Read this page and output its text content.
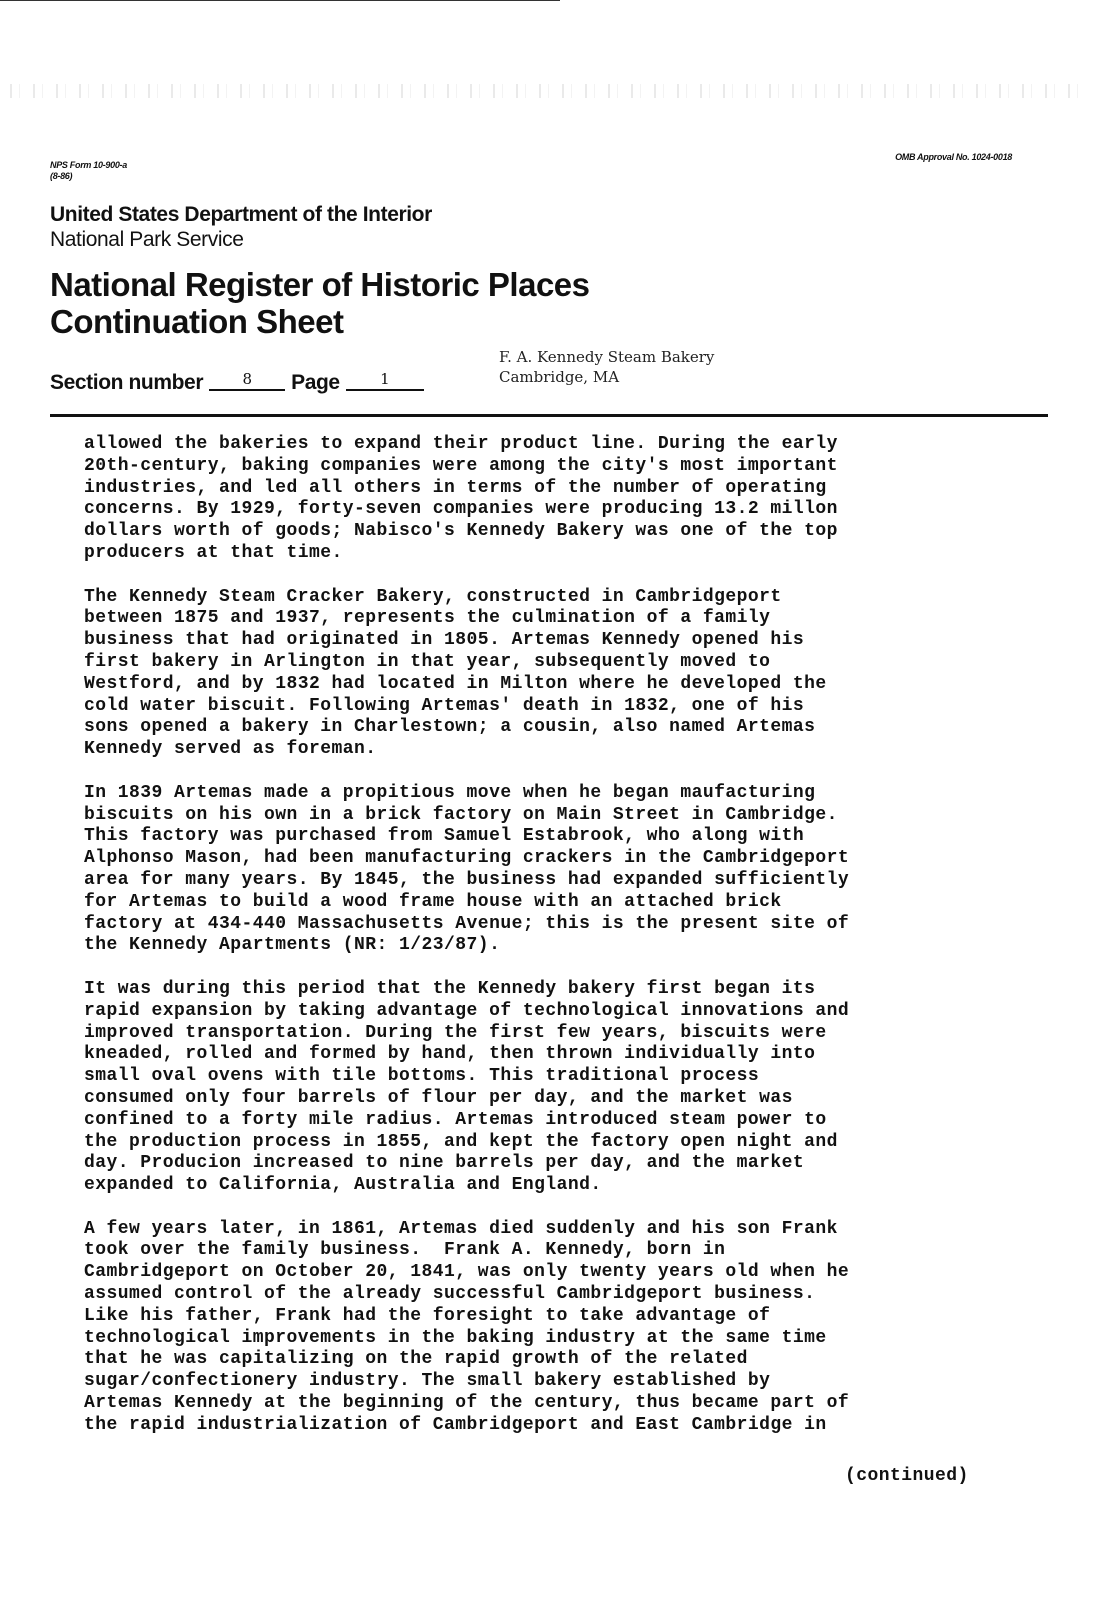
NPS Form 10-900-a
(8-86)
OMB Approval No. 1024-0018
United States Department of the Interior
National Park Service
National Register of Historic Places
Continuation Sheet
Section number	8	Page	1
F. A. Kennedy Steam Bakery
Cambridge, MA
allowed the bakeries to expand their product line. During the early
20th-century, baking companies were among the city's most important
industries, and led all others in terms of the number of operating
concerns. By 1929, forty-seven companies were producing 13.2 millon
dollars worth of goods; Nabisco's Kennedy Bakery was one of the top
producers at that time.
The Kennedy Steam Cracker Bakery, constructed in Cambridgeport
between 1875 and 1937, represents the culmination of a family
business that had originated in 1805. Artemas Kennedy opened his
first bakery in Arlington in that year, subsequently moved to
Westford, and by 1832 had located in Milton where he developed the
cold water biscuit. Following Artemas' death in 1832, one of his
sons opened a bakery in Charlestown; a cousin, also named Artemas
Kennedy served as foreman.
In 1839 Artemas made a propitious move when he began maufacturing
biscuits on his own in a brick factory on Main Street in Cambridge.
This factory was purchased from Samuel Estabrook, who along with
Alphonso Mason, had been manufacturing crackers in the Cambridgeport
area for many years. By 1845, the business had expanded sufficiently
for Artemas to build a wood frame house with an attached brick
factory at 434-440 Massachusetts Avenue; this is the present site of
the Kennedy Apartments (NR: 1/23/87).
It was during this period that the Kennedy bakery first began its
rapid expansion by taking advantage of technological innovations and
improved transportation. During the first few years, biscuits were
kneaded, rolled and formed by hand, then thrown individually into
small oval ovens with tile bottoms. This traditional process
consumed only four barrels of flour per day, and the market was
confined to a forty mile radius. Artemas introduced steam power to
the production process in 1855, and kept the factory open night and
day. Producion increased to nine barrels per day, and the market
expanded to California, Australia and England.
A few years later, in 1861, Artemas died suddenly and his son Frank
took over the family business.  Frank A. Kennedy, born in
Cambridgeport on October 20, 1841, was only twenty years old when he
assumed control of the already successful Cambridgeport business.
Like his father, Frank had the foresight to take advantage of
technological improvements in the baking industry at the same time
that he was capitalizing on the rapid growth of the related
sugar/confectionery industry. The small bakery established by
Artemas Kennedy at the beginning of the century, thus became part of
the rapid industrialization of Cambridgeport and East Cambridge in
(continued)
